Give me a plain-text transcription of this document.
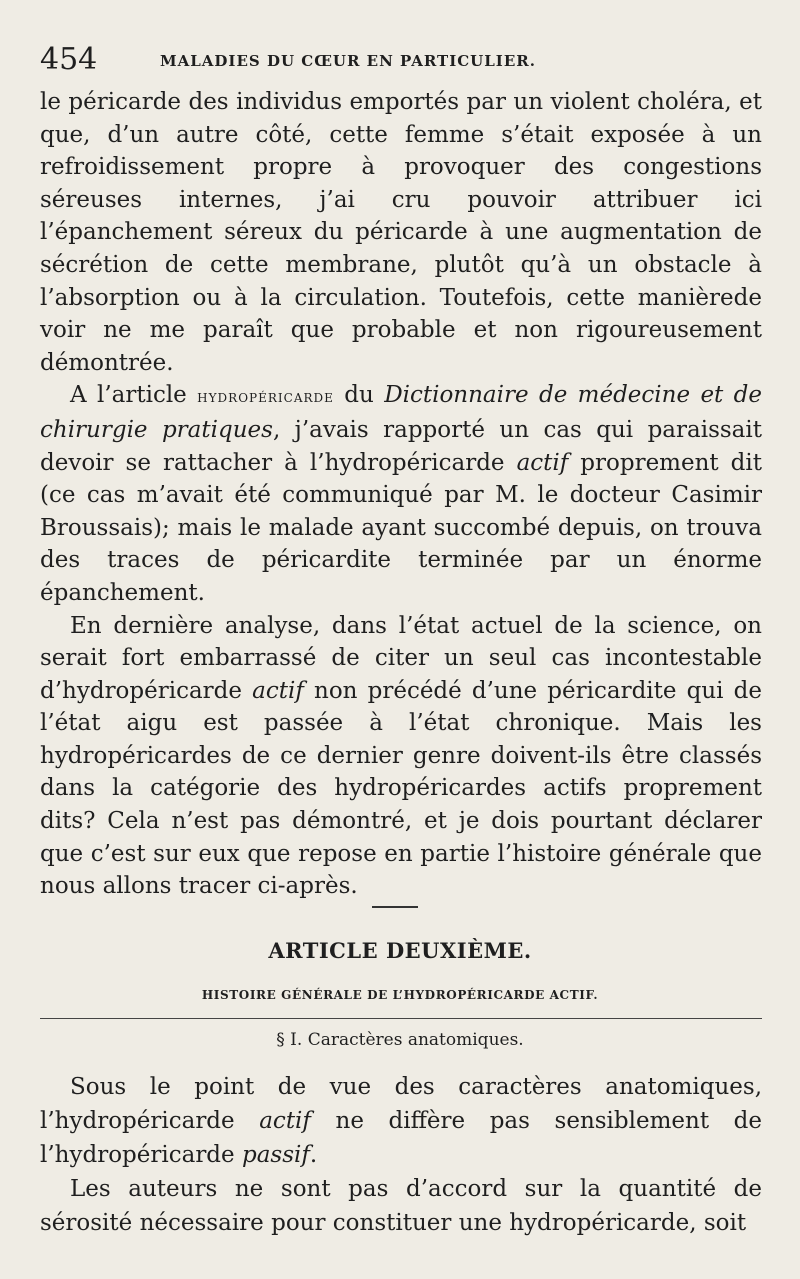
454	MALADIES DU CŒUR EN PARTICULIER.

le péricarde des individus emportés par un violent choléra, et que, d’un autre côté, cette femme s’était exposée à un refroidissement propre à provoquer des congestions séreuses internes, j’ai cru pouvoir attribuer ici l’épanchement séreux du péricarde à une augmentation de sécrétion de cette membrane, plutôt qu’à un obstacle à l’absorption ou à la circulation. Toutefois, cette manièrede voir ne me paraît que probable et non rigoureusement démontrée.

A l’article hydropéricarde du Dictionnaire de médecine et de chirurgie pratiques, j’avais rapporté un cas qui paraissait devoir se rattacher à l’hydropéricarde actif proprement dit (ce cas m’avait été communiqué par M. le docteur Casimir Broussais); mais le malade ayant succombé depuis, on trouva des traces de péricardite terminée par un énorme épanchement.

En dernière analyse, dans l’état actuel de la science, on serait fort embarrassé de citer un seul cas incontestable d’hydropéricarde actif non précédé d’une péricardite qui de l’état aigu est passée à l’état chronique. Mais les hydropéricardes de ce dernier genre doivent-ils être classés dans la catégorie des hydropéricardes actifs proprement dits? Cela n’est pas démontré, et je dois pourtant déclarer que c’est sur eux que repose en partie l’histoire générale que nous allons tracer ci-après.

ARTICLE DEUXIÈME.
HISTOIRE GÉNÉRALE DE L’HYDROPÉRICARDE ACTIF.
§ I. Caractères anatomiques.

Sous le point de vue des caractères anatomiques, l’hydropéricarde actif ne diffère pas sensiblement de l’hydropéricarde passif.

Les auteurs ne sont pas d’accord sur la quantité de sérosité nécessaire pour constituer une hydropéricarde, soit
